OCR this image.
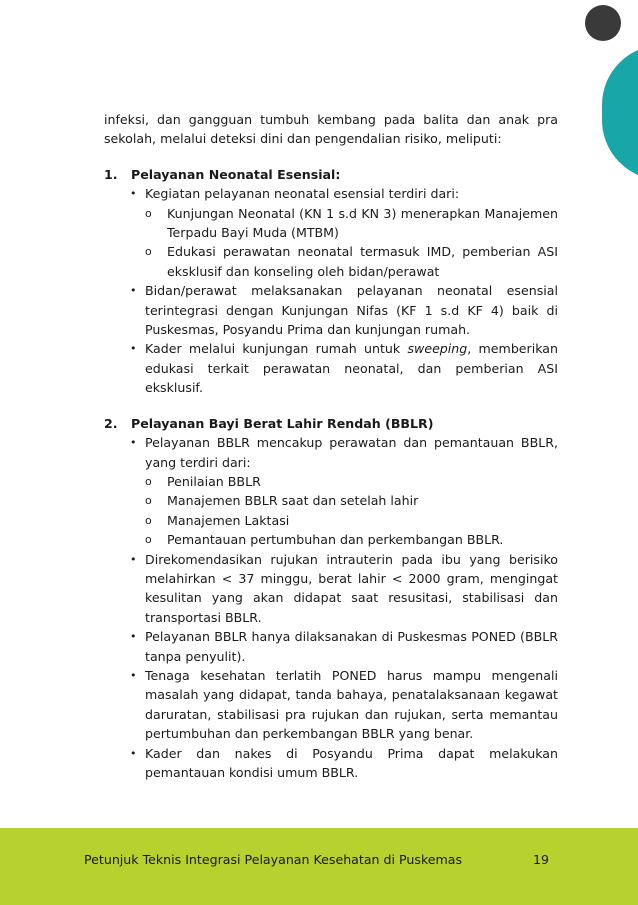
infeksi, dan gangguan tumbuh kembang pada balita dan anak pra sekolah, melalui deteksi dini dan pengendalian risiko, meliputi:

1.	Pelayanan Neonatal Esensial:
• Kegiatan pelayanan neonatal esensial terdiri dari:
o Kunjungan Neonatal (KN 1 s.d KN 3) menerapkan Manajemen Terpadu Bayi Muda (MTBM)
o Edukasi perawatan neonatal termasuk IMD, pemberian ASI eksklusif dan konseling oleh bidan/perawat
• Bidan/perawat melaksanakan pelayanan neonatal esensial terintegrasi dengan Kunjungan Nifas (KF 1 s.d KF 4) baik di Puskesmas, Posyandu Prima dan kunjungan rumah.
• Kader melalui kunjungan rumah untuk sweeping, memberikan edukasi terkait perawatan neonatal, dan pemberian ASI eksklusif.
2.	Pelayanan Bayi Berat Lahir Rendah (BBLR)
• Pelayanan BBLR mencakup perawatan dan pemantauan BBLR, yang terdiri dari:
o Penilaian BBLR
o Manajemen BBLR saat dan setelah lahir
o Manajemen Laktasi
o Pemantauan pertumbuhan dan perkembangan BBLR.
• Direkomendasikan rujukan intrauterin pada ibu yang berisiko melahirkan < 37 minggu, berat lahir < 2000 gram, mengingat kesulitan yang akan didapat saat resusitasi, stabilisasi dan transportasi BBLR.
• Pelayanan BBLR hanya dilaksanakan di Puskesmas PONED (BBLR tanpa penyulit).
• Tenaga kesehatan terlatih PONED harus mampu mengenali masalah yang didapat, tanda bahaya, penatalaksanaan kegawat daruratan, stabilisasi pra rujukan dan rujukan, serta memantau pertumbuhan dan perkembangan BBLR yang benar.
• Kader dan nakes di Posyandu Prima dapat melakukan pemantauan kondisi umum BBLR.
Petunjuk Teknis Integrasi Pelayanan Kesehatan di Puskemas	19
